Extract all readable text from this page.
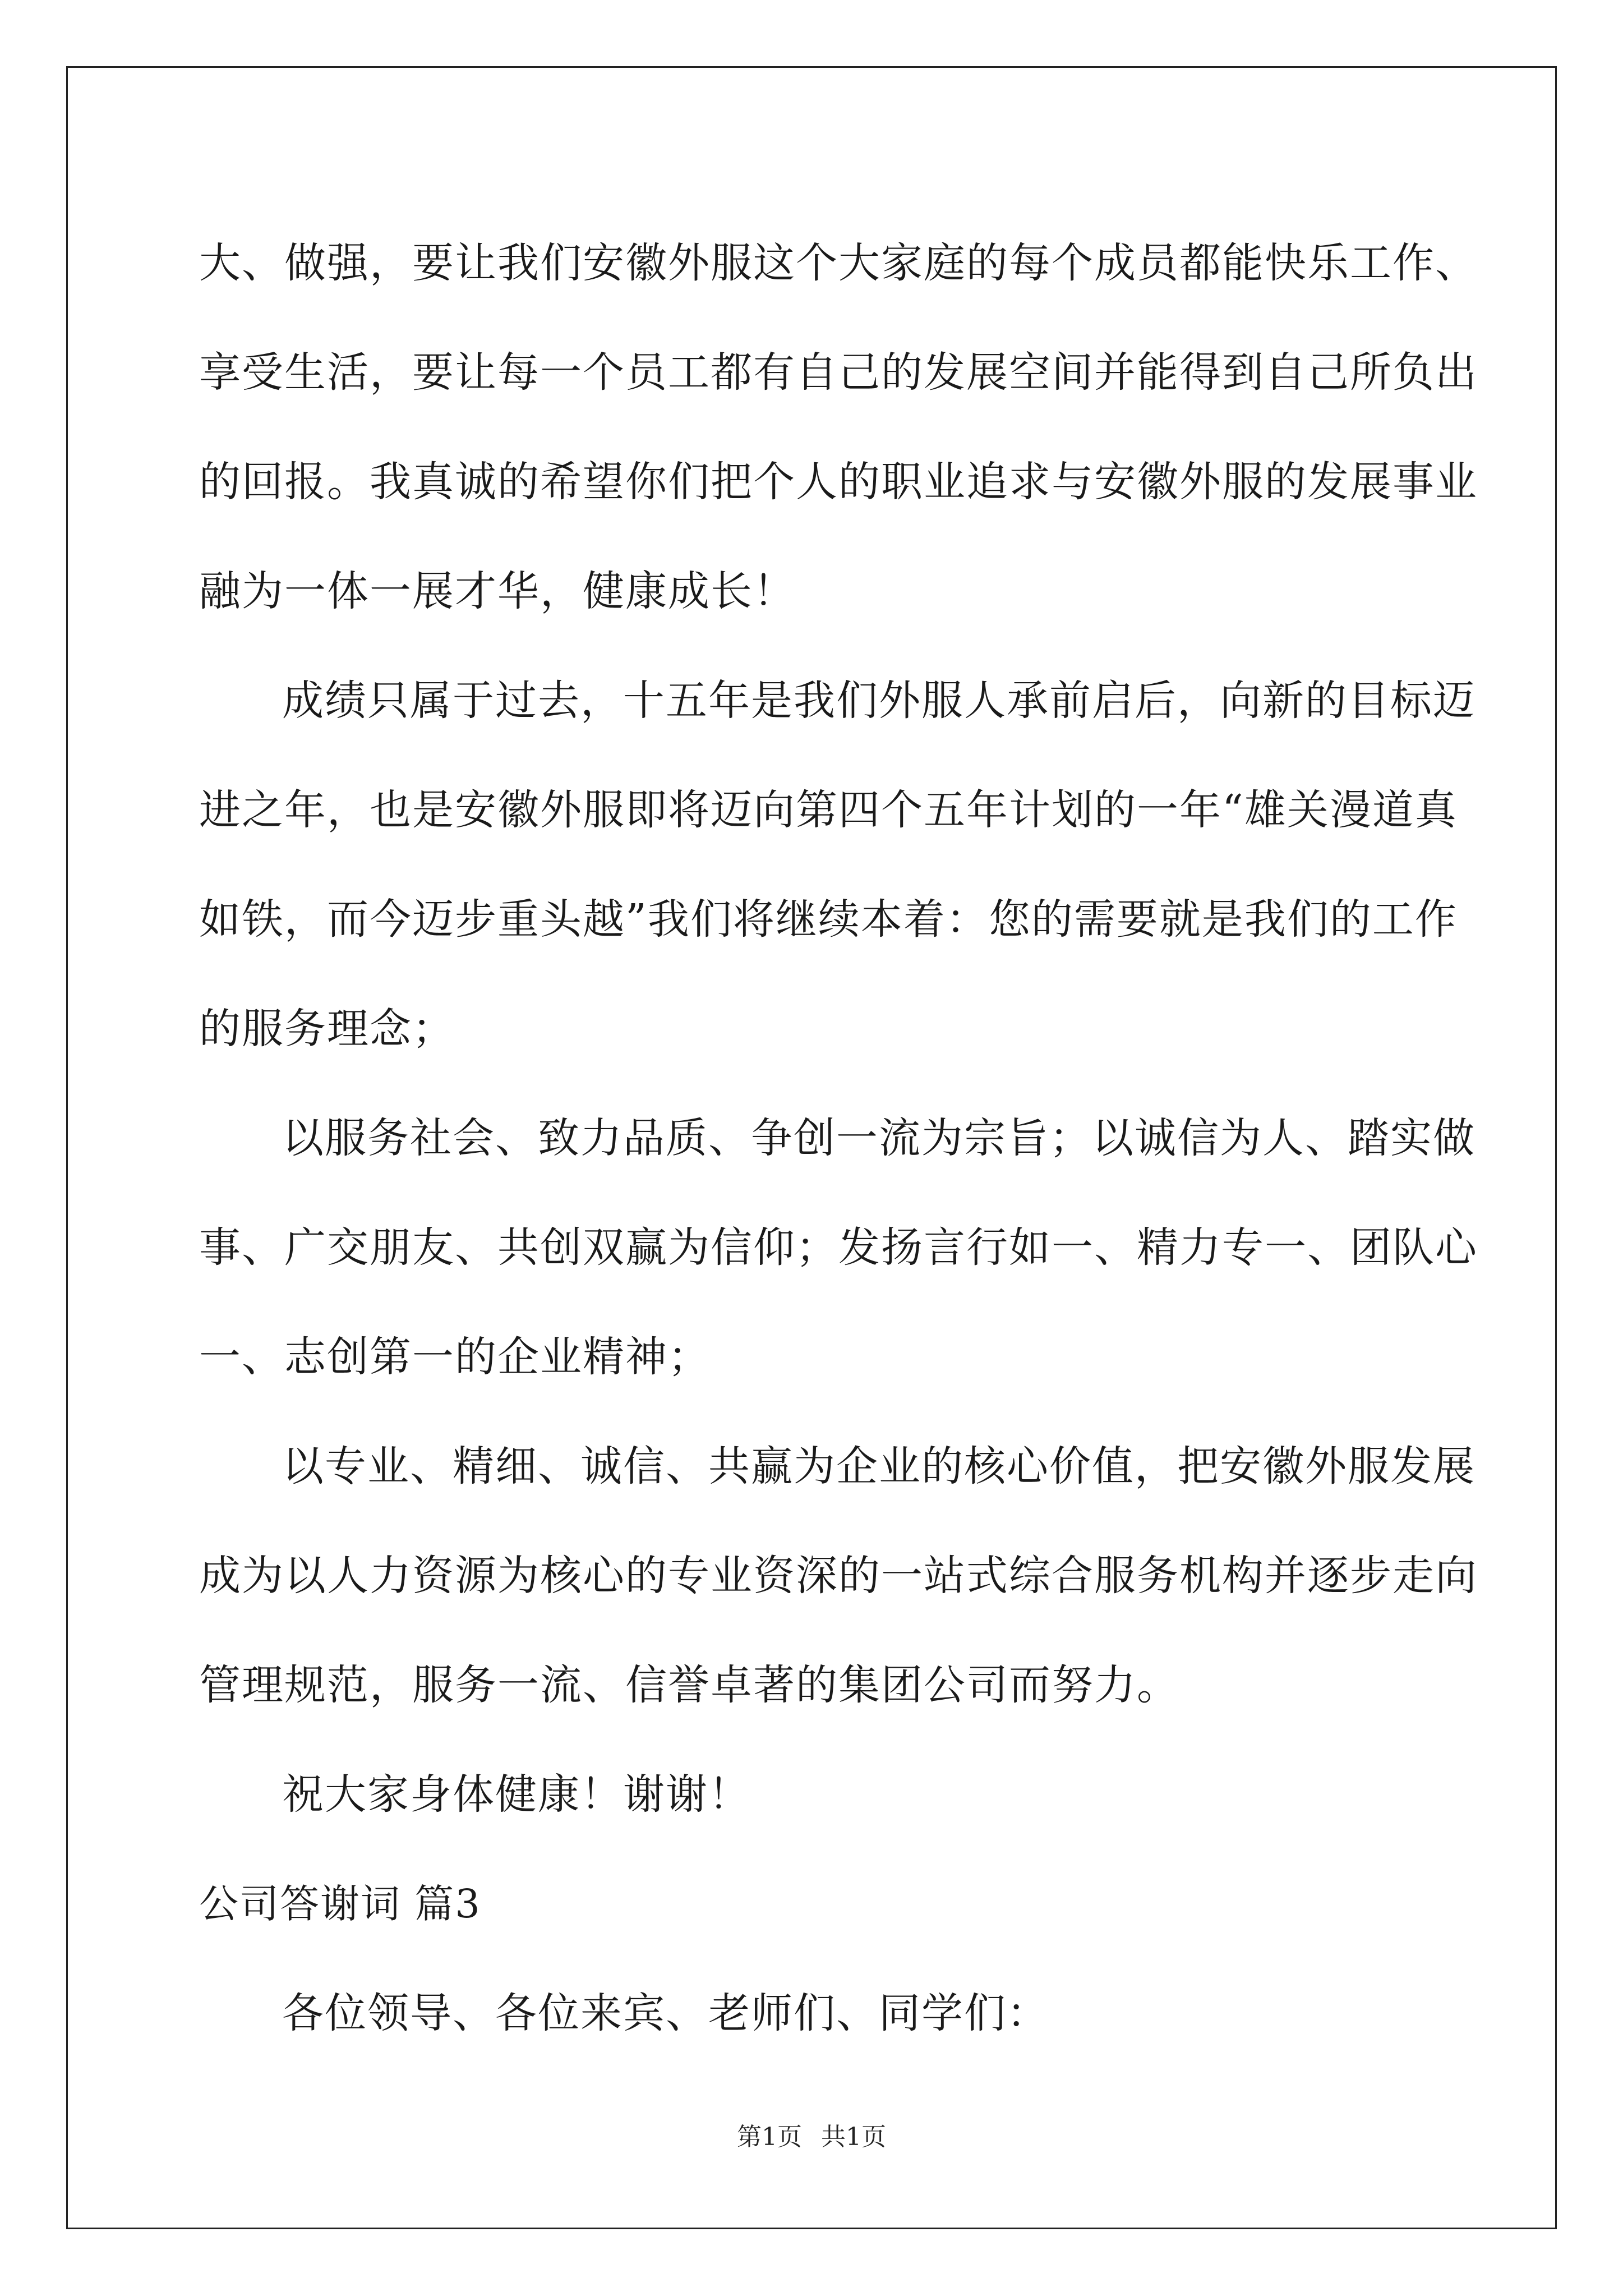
大、做强，要让我们安徽外服这个大家庭的每个成员都能快乐工作、
享受生活，要让每一个员工都有自己的发展空间并能得到自己所负出
的回报。我真诚的希望你们把个人的职业追求与安徽外服的发展事业
融为一体一展才华，健康成长！
成绩只属于过去，十五年是我们外服人承前启后，向新的目标迈
进之年，也是安徽外服即将迈向第四个五年计划的一年“雄关漫道真
如铁，而今迈步重头越”我们将继续本着：您的需要就是我们的工作
的服务理念；
以服务社会、致力品质、争创一流为宗旨；以诚信为人、踏实做
事、广交朋友、共创双赢为信仰；发扬言行如一、精力专一、团队心
一、志创第一的企业精神；
以专业、精细、诚信、共赢为企业的核心价值，把安徽外服发展
成为以人力资源为核心的专业资深的一站式综合服务机构并逐步走向
管理规范，服务一流、信誉卓著的集团公司而努力。
祝大家身体健康！谢谢！
公司答谢词 篇3
各位领导、各位来宾、老师们、同学们：
第1页 共1页
